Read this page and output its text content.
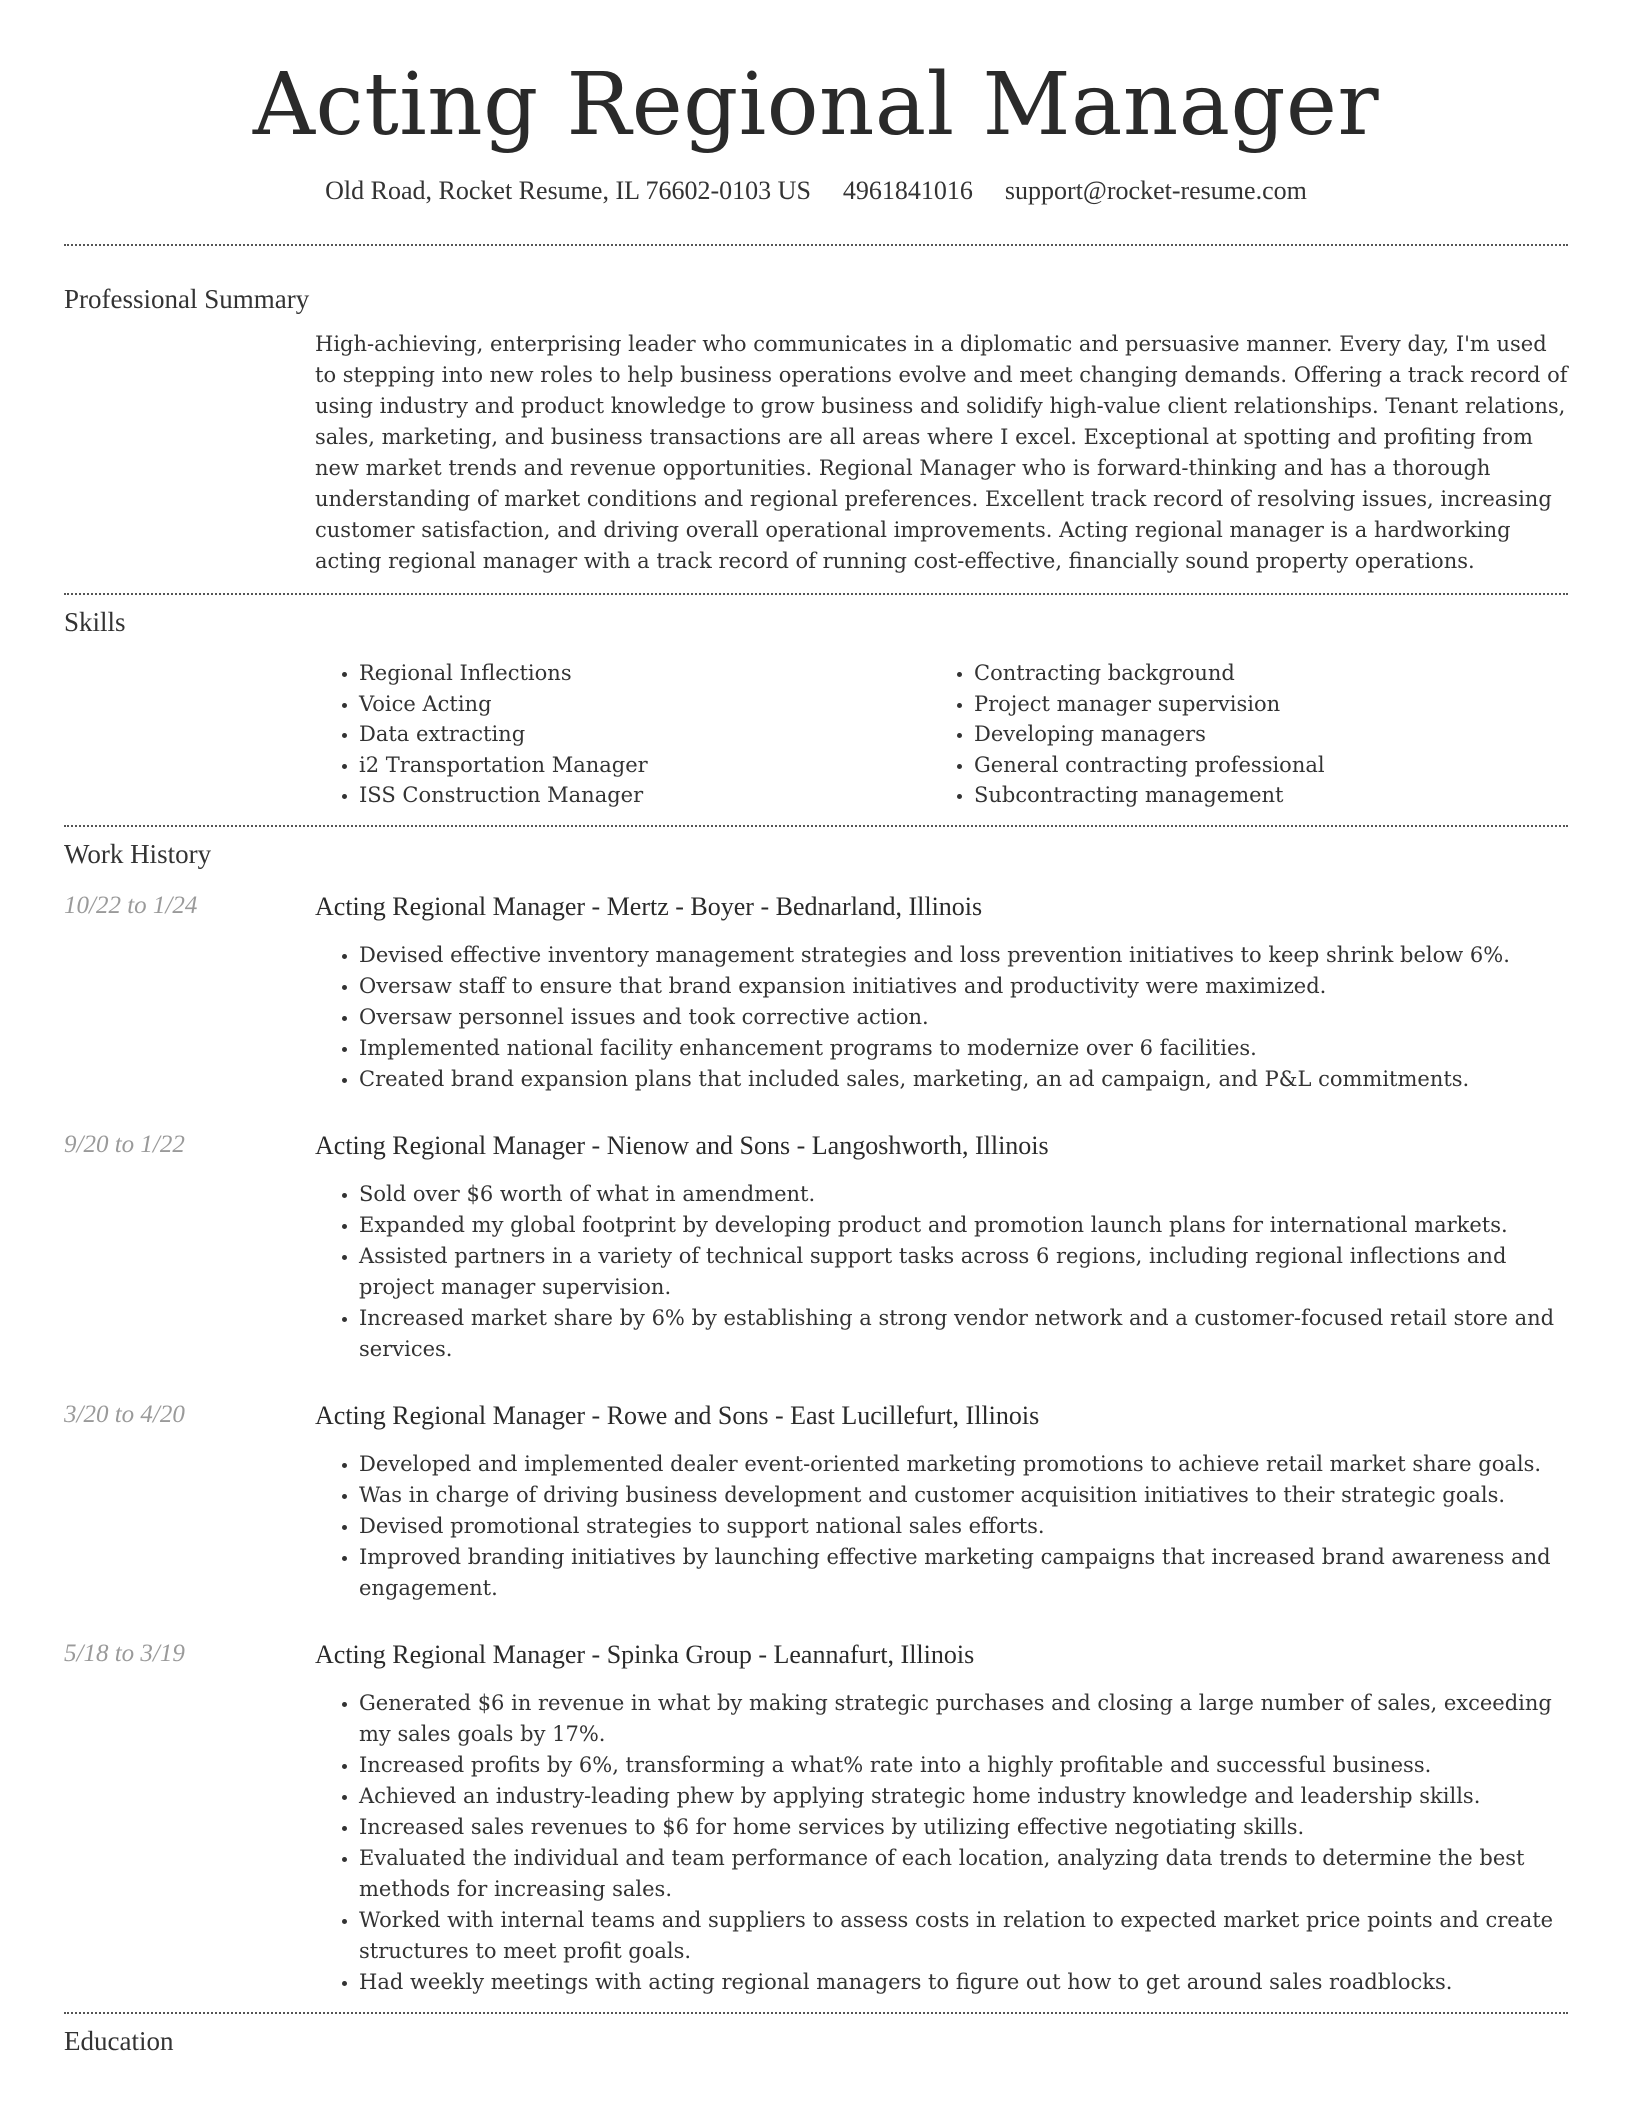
Acting Regional Manager
Old Road, Rocket Resume, IL 76602-0103 US 4961841016 support@rocket-resume.com
Professional Summary
High-achieving, enterprising leader who communicates in a diplomatic and persuasive manner. Every day, I'm used to stepping into new roles to help business operations evolve and meet changing demands. Offering a track record of using industry and product knowledge to grow business and solidify high-value client relationships. Tenant relations, sales, marketing, and business transactions are all areas where I excel. Exceptional at spotting and profiting from new market trends and revenue opportunities. Regional Manager who is forward-thinking and has a thorough understanding of market conditions and regional preferences. Excellent track record of resolving issues, increasing customer satisfaction, and driving overall operational improvements. Acting regional manager is a hardworking acting regional manager with a track record of running cost-effective, financially sound property operations.
Skills
• Regional Inflections
• Voice Acting
• Data extracting
• i2 Transportation Manager
• ISS Construction Manager
• Contracting background
• Project manager supervision
• Developing managers
• General contracting professional
• Subcontracting management
Work History
10/22 to 1/24	Acting Regional Manager - Mertz - Boyer - Bednarland, Illinois
• Devised effective inventory management strategies and loss prevention initiatives to keep shrink below 6%.
• Oversaw staff to ensure that brand expansion initiatives and productivity were maximized.
• Oversaw personnel issues and took corrective action.
• Implemented national facility enhancement programs to modernize over 6 facilities.
• Created brand expansion plans that included sales, marketing, an ad campaign, and P&L commitments.
9/20 to 1/22	Acting Regional Manager - Nienow and Sons - Langoshworth, Illinois
• Sold over $6 worth of what in amendment.
• Expanded my global footprint by developing product and promotion launch plans for international markets.
• Assisted partners in a variety of technical support tasks across 6 regions, including regional inflections and project manager supervision.
• Increased market share by 6% by establishing a strong vendor network and a customer-focused retail store and services.
3/20 to 4/20	Acting Regional Manager - Rowe and Sons - East Lucillefurt, Illinois
• Developed and implemented dealer event-oriented marketing promotions to achieve retail market share goals.
• Was in charge of driving business development and customer acquisition initiatives to their strategic goals.
• Devised promotional strategies to support national sales efforts.
• Improved branding initiatives by launching effective marketing campaigns that increased brand awareness and engagement.
5/18 to 3/19	Acting Regional Manager - Spinka Group - Leannafurt, Illinois
• Generated $6 in revenue in what by making strategic purchases and closing a large number of sales, exceeding my sales goals by 17%.
• Increased profits by 6%, transforming a what% rate into a highly profitable and successful business.
• Achieved an industry-leading phew by applying strategic home industry knowledge and leadership skills.
• Increased sales revenues to $6 for home services by utilizing effective negotiating skills.
• Evaluated the individual and team performance of each location, analyzing data trends to determine the best methods for increasing sales.
• Worked with internal teams and suppliers to assess costs in relation to expected market price points and create structures to meet profit goals.
• Had weekly meetings with acting regional managers to figure out how to get around sales roadblocks.
Education
